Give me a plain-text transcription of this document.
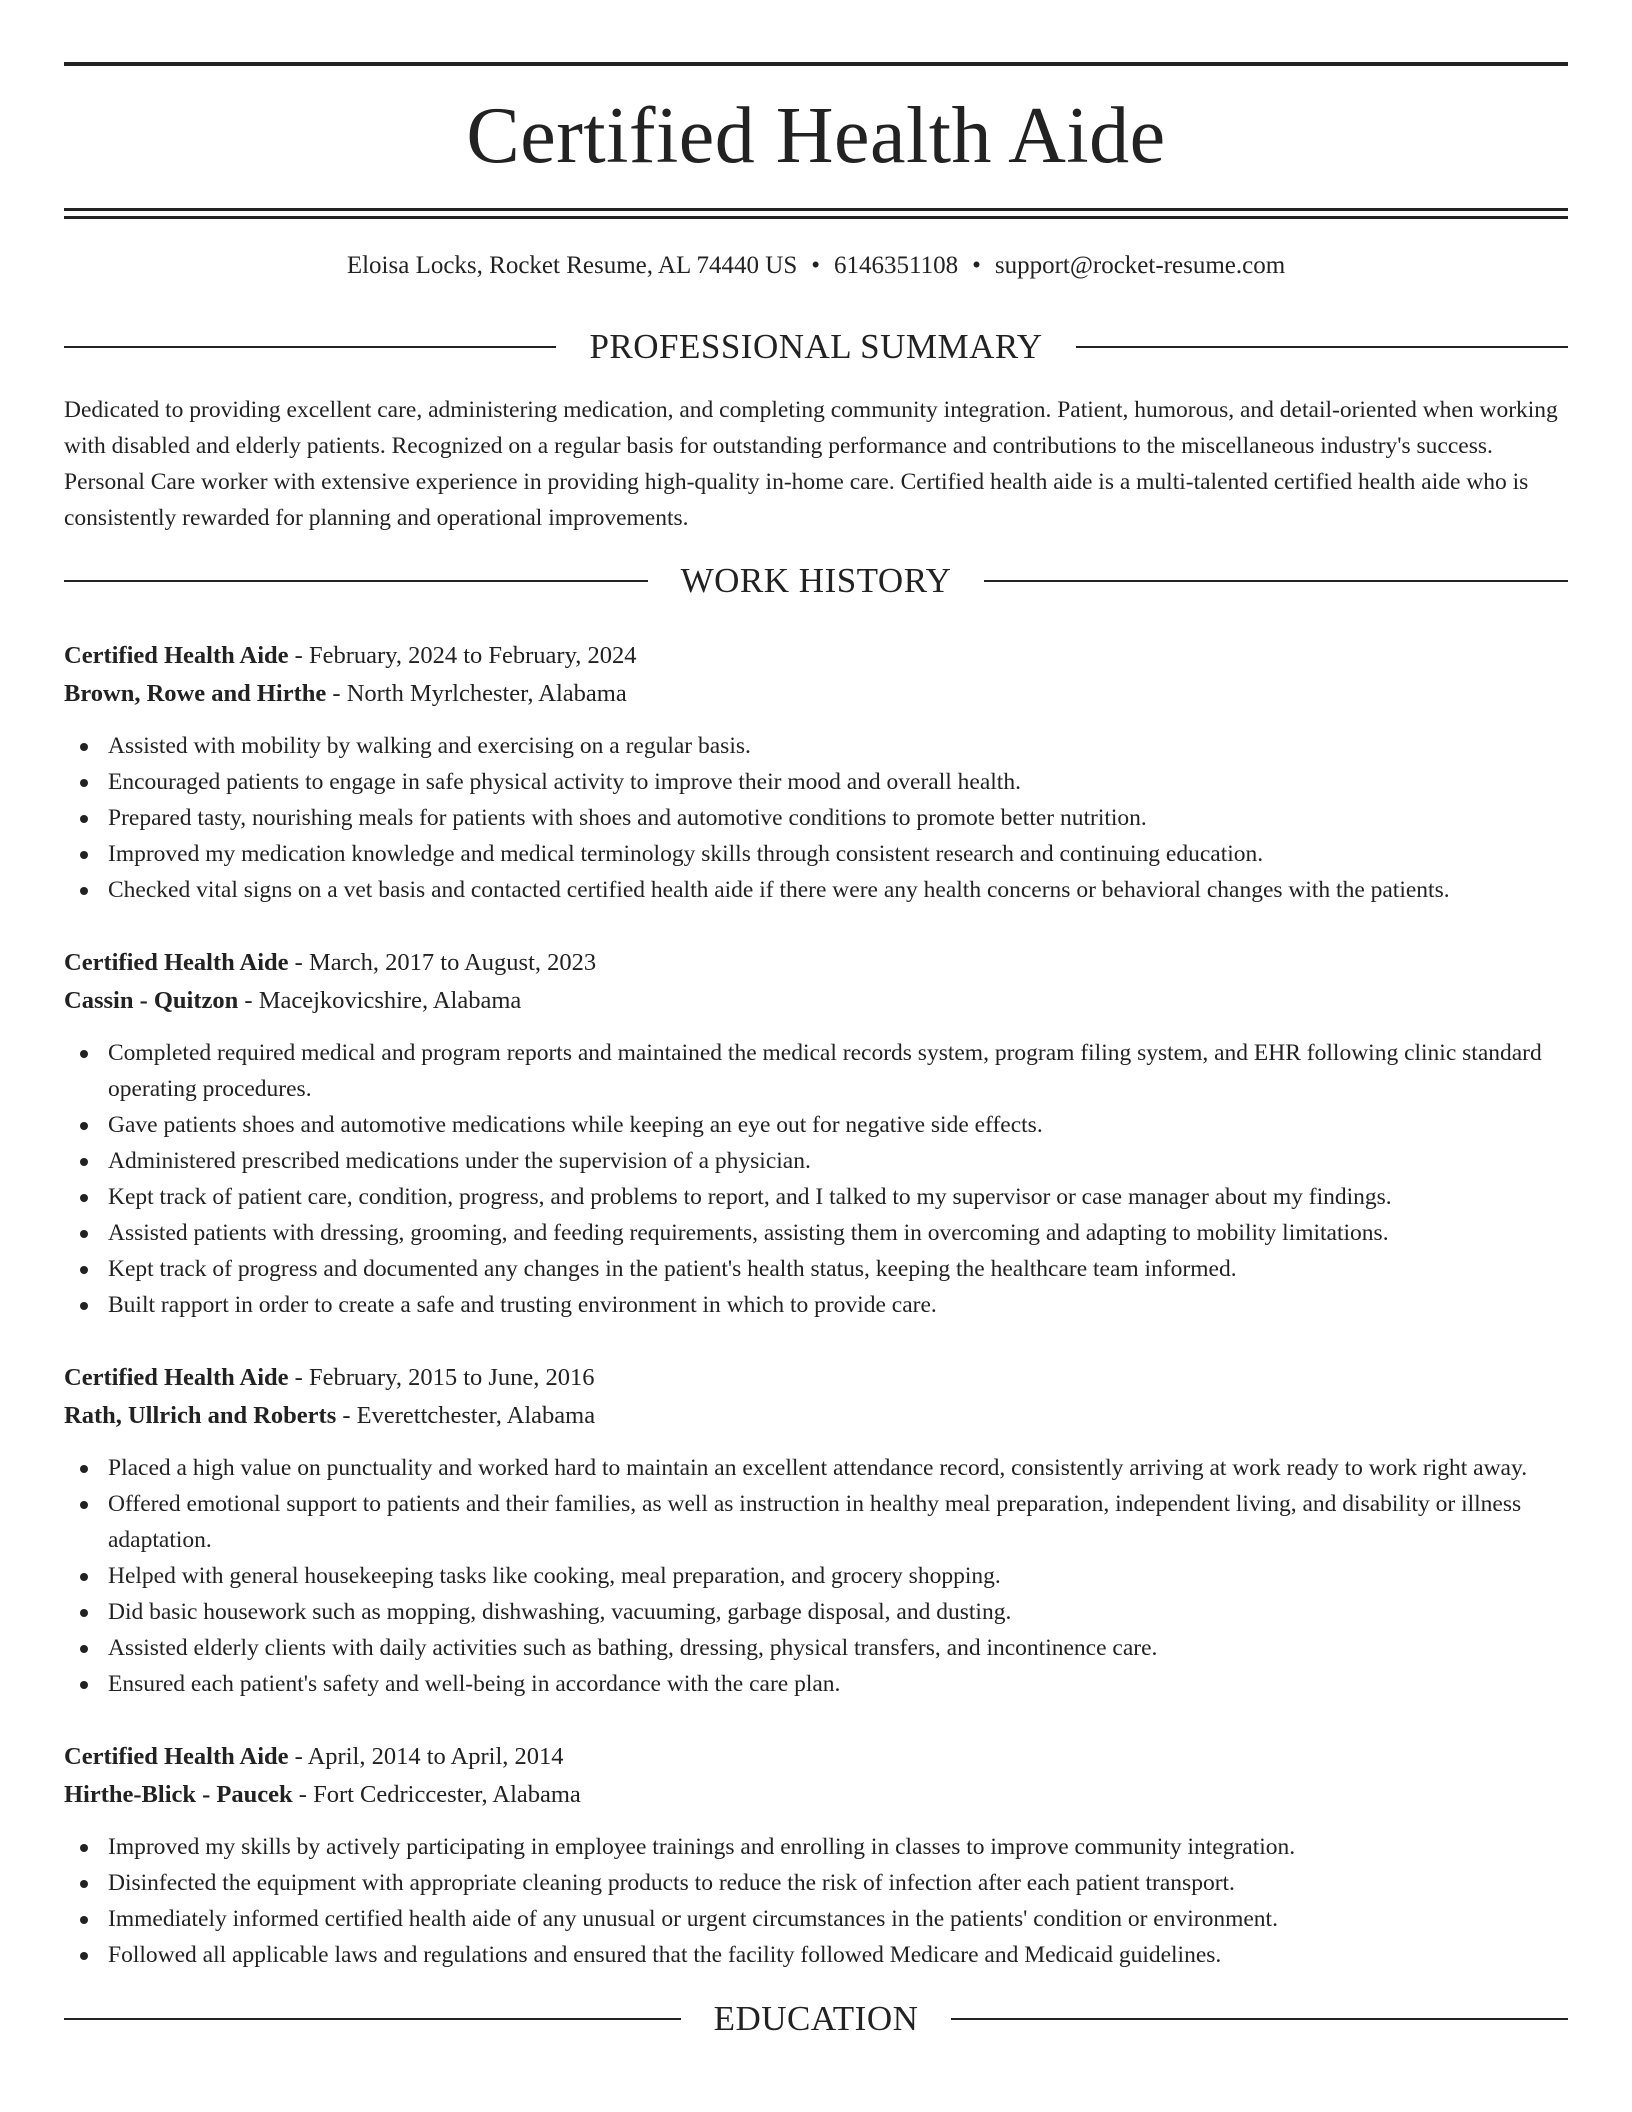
Certified Health Aide
Eloisa Locks, Rocket Resume, AL 74440 US • 6146351108 • support@rocket-resume.com
PROFESSIONAL SUMMARY

Dedicated to providing excellent care, administering medication, and completing community integration. Patient, humorous, and detail-oriented when working with disabled and elderly patients. Recognized on a regular basis for outstanding performance and contributions to the miscellaneous industry's success. Personal Care worker with extensive experience in providing high-quality in-home care. Certified health aide is a multi-talented certified health aide who is consistently rewarded for planning and operational improvements.

WORK HISTORY
Certified Health Aide - February, 2024 to February, 2024
Brown, Rowe and Hirthe - North Myrlchester, Alabama
Assisted with mobility by walking and exercising on a regular basis.
Encouraged patients to engage in safe physical activity to improve their mood and overall health.
Prepared tasty, nourishing meals for patients with shoes and automotive conditions to promote better nutrition.
Improved my medication knowledge and medical terminology skills through consistent research and continuing education.
Checked vital signs on a vet basis and contacted certified health aide if there were any health concerns or behavioral changes with the patients.
Certified Health Aide - March, 2017 to August, 2023
Cassin - Quitzon - Macejkovicshire, Alabama
Completed required medical and program reports and maintained the medical records system, program filing system, and EHR following clinic standard operating procedures.
Gave patients shoes and automotive medications while keeping an eye out for negative side effects.
Administered prescribed medications under the supervision of a physician.
Kept track of patient care, condition, progress, and problems to report, and I talked to my supervisor or case manager about my findings.
Assisted patients with dressing, grooming, and feeding requirements, assisting them in overcoming and adapting to mobility limitations.
Kept track of progress and documented any changes in the patient's health status, keeping the healthcare team informed.
Built rapport in order to create a safe and trusting environment in which to provide care.
Certified Health Aide - February, 2015 to June, 2016
Rath, Ullrich and Roberts - Everettchester, Alabama
Placed a high value on punctuality and worked hard to maintain an excellent attendance record, consistently arriving at work ready to work right away.
Offered emotional support to patients and their families, as well as instruction in healthy meal preparation, independent living, and disability or illness adaptation.
Helped with general housekeeping tasks like cooking, meal preparation, and grocery shopping.
Did basic housework such as mopping, dishwashing, vacuuming, garbage disposal, and dusting.
Assisted elderly clients with daily activities such as bathing, dressing, physical transfers, and incontinence care.
Ensured each patient's safety and well-being in accordance with the care plan.
Certified Health Aide - April, 2014 to April, 2014
Hirthe-Blick - Paucek - Fort Cedriccester, Alabama
Improved my skills by actively participating in employee trainings and enrolling in classes to improve community integration.
Disinfected the equipment with appropriate cleaning products to reduce the risk of infection after each patient transport.
Immediately informed certified health aide of any unusual or urgent circumstances in the patients' condition or environment.
Followed all applicable laws and regulations and ensured that the facility followed Medicare and Medicaid guidelines.
EDUCATION
